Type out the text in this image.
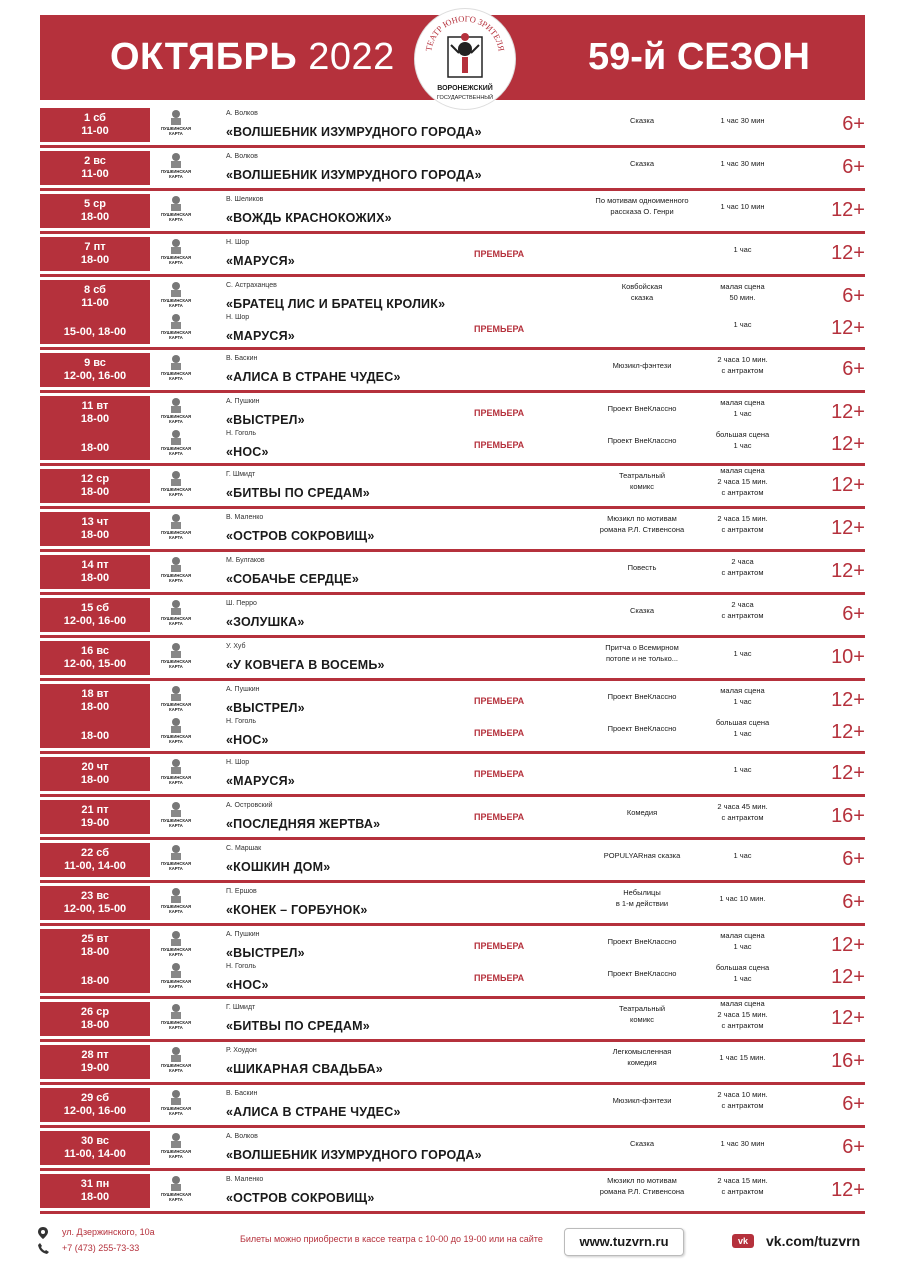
ОКТЯБРЬ 2022	59-й СЕЗОН
ТЕАТР ЮНОГО ЗРИТЕЛЯ
ВОРОНЕЖСКИЙ
ГОСУДАРСТВЕННЫЙ
1 сб
11-00	ПУШКИНСКАЯ
КАРТА
А. Волков
«ВОЛШЕБНИК ИЗУМРУДНОГО ГОРОДА»
Сказка	1 час 30 мин	6+
2 вс
11-00	ПУШКИНСКАЯ
КАРТА
А. Волков
«ВОЛШЕБНИК ИЗУМРУДНОГО ГОРОДА»
Сказка	1 час 30 мин	6+
5 ср
18-00	ПУШКИНСКАЯ
КАРТА
В. Шеликов
«ВОЖДЬ КРАСНОКОЖИХ»
По мотивам одноименного
рассказа О. Генри
1 час 10 мин	12+
7 пт
18-00	ПУШКИНСКАЯ
КАРТА
Н. Шор
«МАРУСЯ»	ПРЕМЬЕРА	1 час	12+
8 сб
11-00
15-00, 18-00
ПУШКИНСКАЯ
КАРТА
С. Астраханцев
«БРАТЕЦ ЛИС И БРАТЕЦ КРОЛИК»
Ковбойская
сказка
малая сцена
50 мин.	6+
ПУШКИНСКАЯ
КАРТА
Н. Шор
«МАРУСЯ»	ПРЕМЬЕРА	1 час	12+
9 вс
12-00, 16-00	ПУШКИНСКАЯ
КАРТА
В. Баскин
«АЛИСА В СТРАНЕ ЧУДЕС»
Мюзикл-фэнтези
2 часа 10 мин.
с антрактом	6+
11 вт
18-00
18-00
ПУШКИНСКАЯ
КАРТА
А. Пушкин
«ВЫСТРЕЛ»	ПРЕМЬЕРА	Проект ВнеКлассно
малая сцена
1 час	12+
ПУШКИНСКАЯ
КАРТА
Н. Гоголь
«НОС»	ПРЕМЬЕРА	Проект ВнеКлассно
большая сцена
1 час	12+
12 ср
18-00	ПУШКИНСКАЯ
КАРТА
Г. Шмидт
«БИТВЫ ПО СРЕДАМ»
Театральный
комикс
малая сцена
2 часа 15 мин.
с антрактом	12+
13 чт
18-00	ПУШКИНСКАЯ
КАРТА
В. Маленко
«ОСТРОВ СОКРОВИЩ»
Мюзикл по мотивам
романа Р.Л. Стивенсона
2 часа 15 мин.
с антрактом	12+
14 пт
18-00	ПУШКИНСКАЯ
КАРТА
М. Булгаков
«СОБАЧЬЕ СЕРДЦЕ»
Повесть
2 часа
с антрактом	12+
15 сб
12-00, 16-00	ПУШКИНСКАЯ
КАРТА
Ш. Перро
«ЗОЛУШКА»
Сказка
2 часа
с антрактом	6+
16 вс
12-00, 15-00	ПУШКИНСКАЯ
КАРТА
У. Хуб
«У КОВЧЕГА В ВОСЕМЬ»
Притча о Всемирном
потопе и не только...
1 час	10+
18 вт
18-00
18-00
ПУШКИНСКАЯ
КАРТА
А. Пушкин
«ВЫСТРЕЛ»	ПРЕМЬЕРА	Проект ВнеКлассно
малая сцена
1 час	12+
ПУШКИНСКАЯ
КАРТА
Н. Гоголь
«НОС»	ПРЕМЬЕРА	Проект ВнеКлассно
большая сцена
1 час	12+
20 чт
18-00	ПУШКИНСКАЯ
КАРТА
Н. Шор
«МАРУСЯ»	ПРЕМЬЕРА	1 час	12+
21 пт
19-00	ПУШКИНСКАЯ
КАРТА
А. Островский
«ПОСЛЕДНЯЯ ЖЕРТВА»	ПРЕМЬЕРА	Комедия
2 часа 45 мин.
с антрактом	16+
22 сб
11-00, 14-00	ПУШКИНСКАЯ
КАРТА
С. Маршак
«КОШКИН ДОМ»
POPULYARная сказка	1 час	6+
23 вс
12-00, 15-00	ПУШКИНСКАЯ
КАРТА
П. Ершов
«КОНЕК – ГОРБУНОК»
Небылицы
в 1-м действии
1 час 10 мин.	6+
25 вт
18-00
18-00
ПУШКИНСКАЯ
КАРТА
А. Пушкин
«ВЫСТРЕЛ»	ПРЕМЬЕРА	Проект ВнеКлассно
малая сцена
1 час	12+
ПУШКИНСКАЯ
КАРТА
Н. Гоголь
«НОС»	ПРЕМЬЕРА	Проект ВнеКлассно
большая сцена
1 час	12+
26 ср
18-00	ПУШКИНСКАЯ
КАРТА
Г. Шмидт
«БИТВЫ ПО СРЕДАМ»
Театральный
комикс
малая сцена
2 часа 15 мин.
с антрактом	12+
28 пт
19-00	ПУШКИНСКАЯ
КАРТА
Р. Хоудон
«ШИКАРНАЯ СВАДЬБА»
Легкомысленная
комедия
1 час 15 мин.	16+
29 сб
12-00, 16-00	ПУШКИНСКАЯ
КАРТА
В. Баскин
«АЛИСА В СТРАНЕ ЧУДЕС»
Мюзикл-фэнтези
2 часа 10 мин.
с антрактом	6+
30 вс
11-00, 14-00	ПУШКИНСКАЯ
КАРТА
А. Волков
«ВОЛШЕБНИК ИЗУМРУДНОГО ГОРОДА»
Сказка	1 час 30 мин	6+
31 пн
18-00	ПУШКИНСКАЯ
КАРТА
В. Маленко
«ОСТРОВ СОКРОВИЩ»
Мюзикл по мотивам
романа Р.Л. Стивенсона
2 часа 15 мин.
с антрактом	12+
ул. Дзержинского, 10а
+7 (473) 255-73-33
Билеты можно приобрести в кассе театра с 10-00 до 19-00 или на сайте	www.tuzvrn.ru	vk	vk.com/tuzvrn
